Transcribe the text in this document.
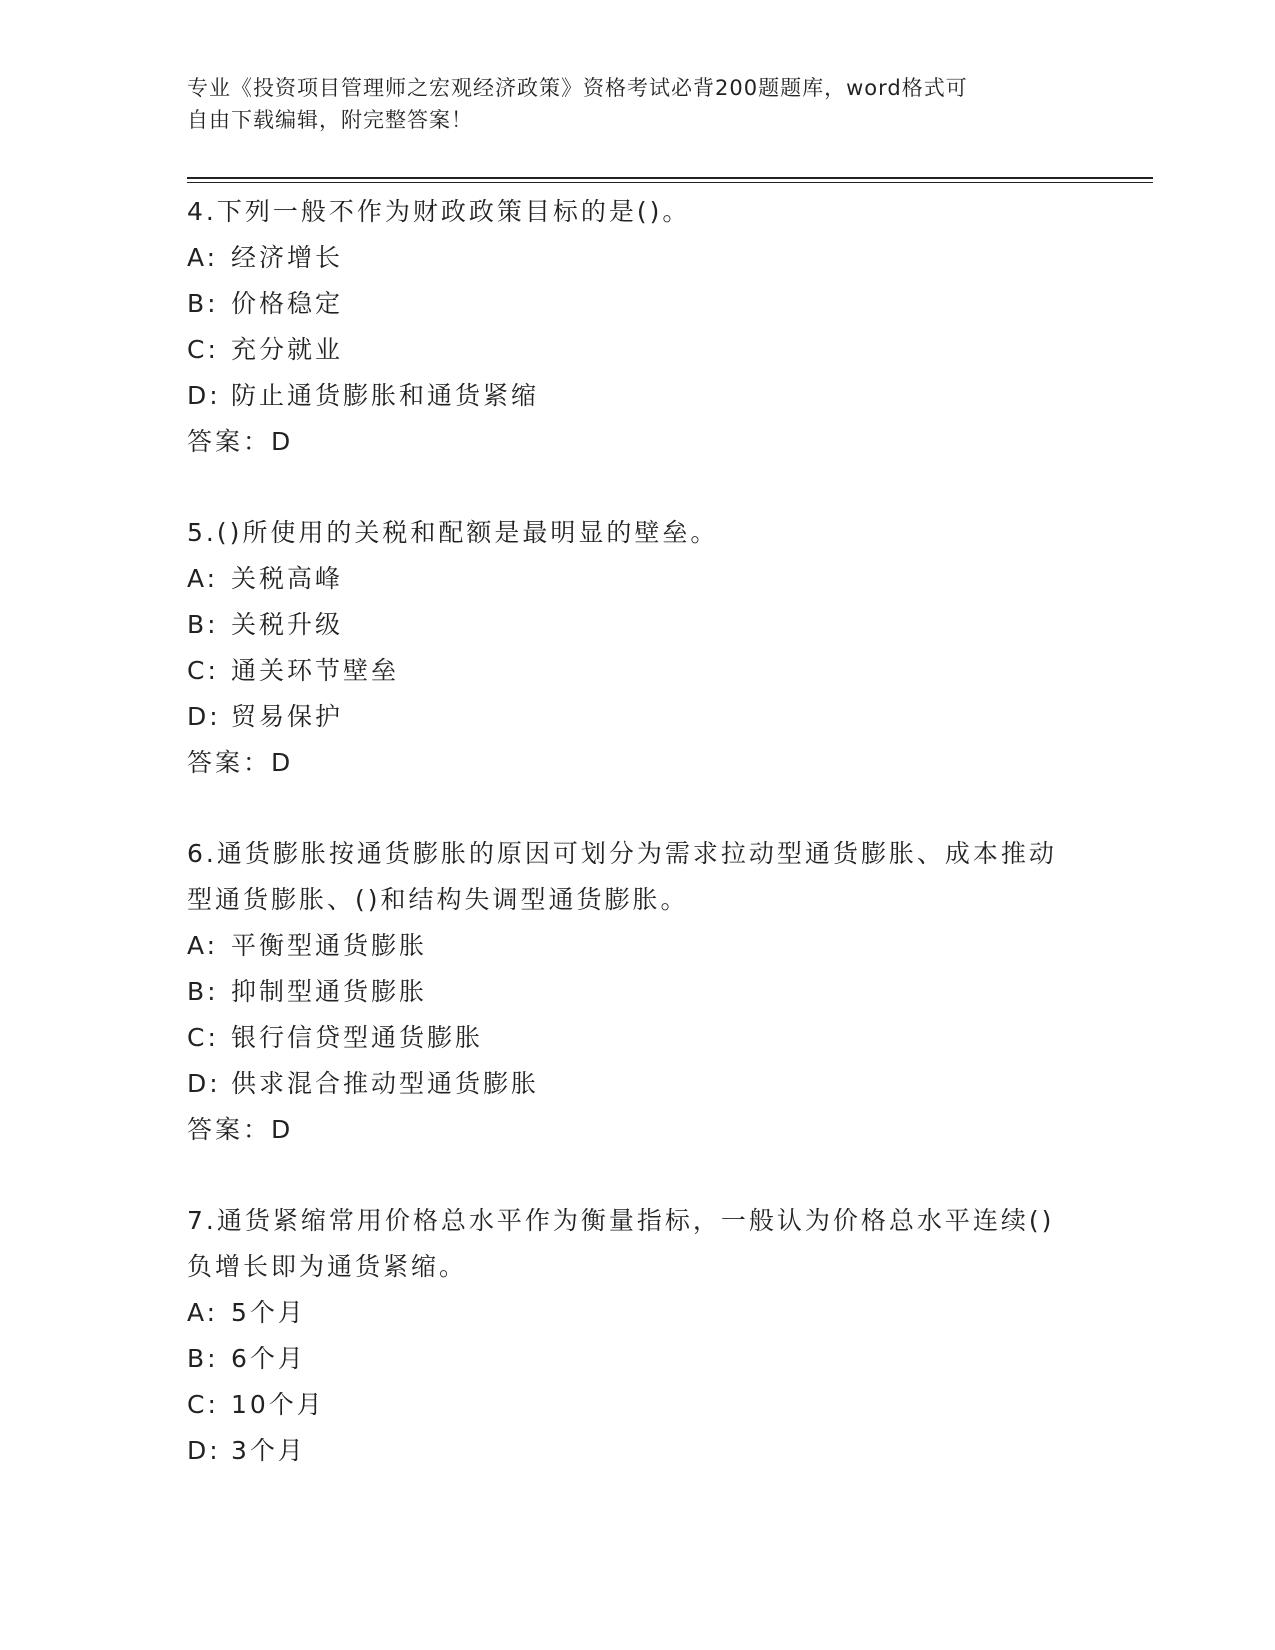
专业《投资项目管理师之宏观经济政策》资格考试必背200题题库，word格式可
自由下载编辑，附完整答案！
4.下列一般不作为财政政策目标的是()。
A: 经济增长
B: 价格稳定
C: 充分就业
D: 防止通货膨胀和通货紧缩
答案：D
5.()所使用的关税和配额是最明显的壁垒。
A: 关税高峰
B: 关税升级
C: 通关环节壁垒
D: 贸易保护
答案：D
6.通货膨胀按通货膨胀的原因可划分为需求拉动型通货膨胀、成本推动型通货膨胀、()和结构失调型通货膨胀。
A: 平衡型通货膨胀
B: 抑制型通货膨胀
C: 银行信贷型通货膨胀
D: 供求混合推动型通货膨胀
答案：D
7.通货紧缩常用价格总水平作为衡量指标，一般认为价格总水平连续()负增长即为通货紧缩。
A: 5个月
B: 6个月
C: 10个月
D: 3个月
